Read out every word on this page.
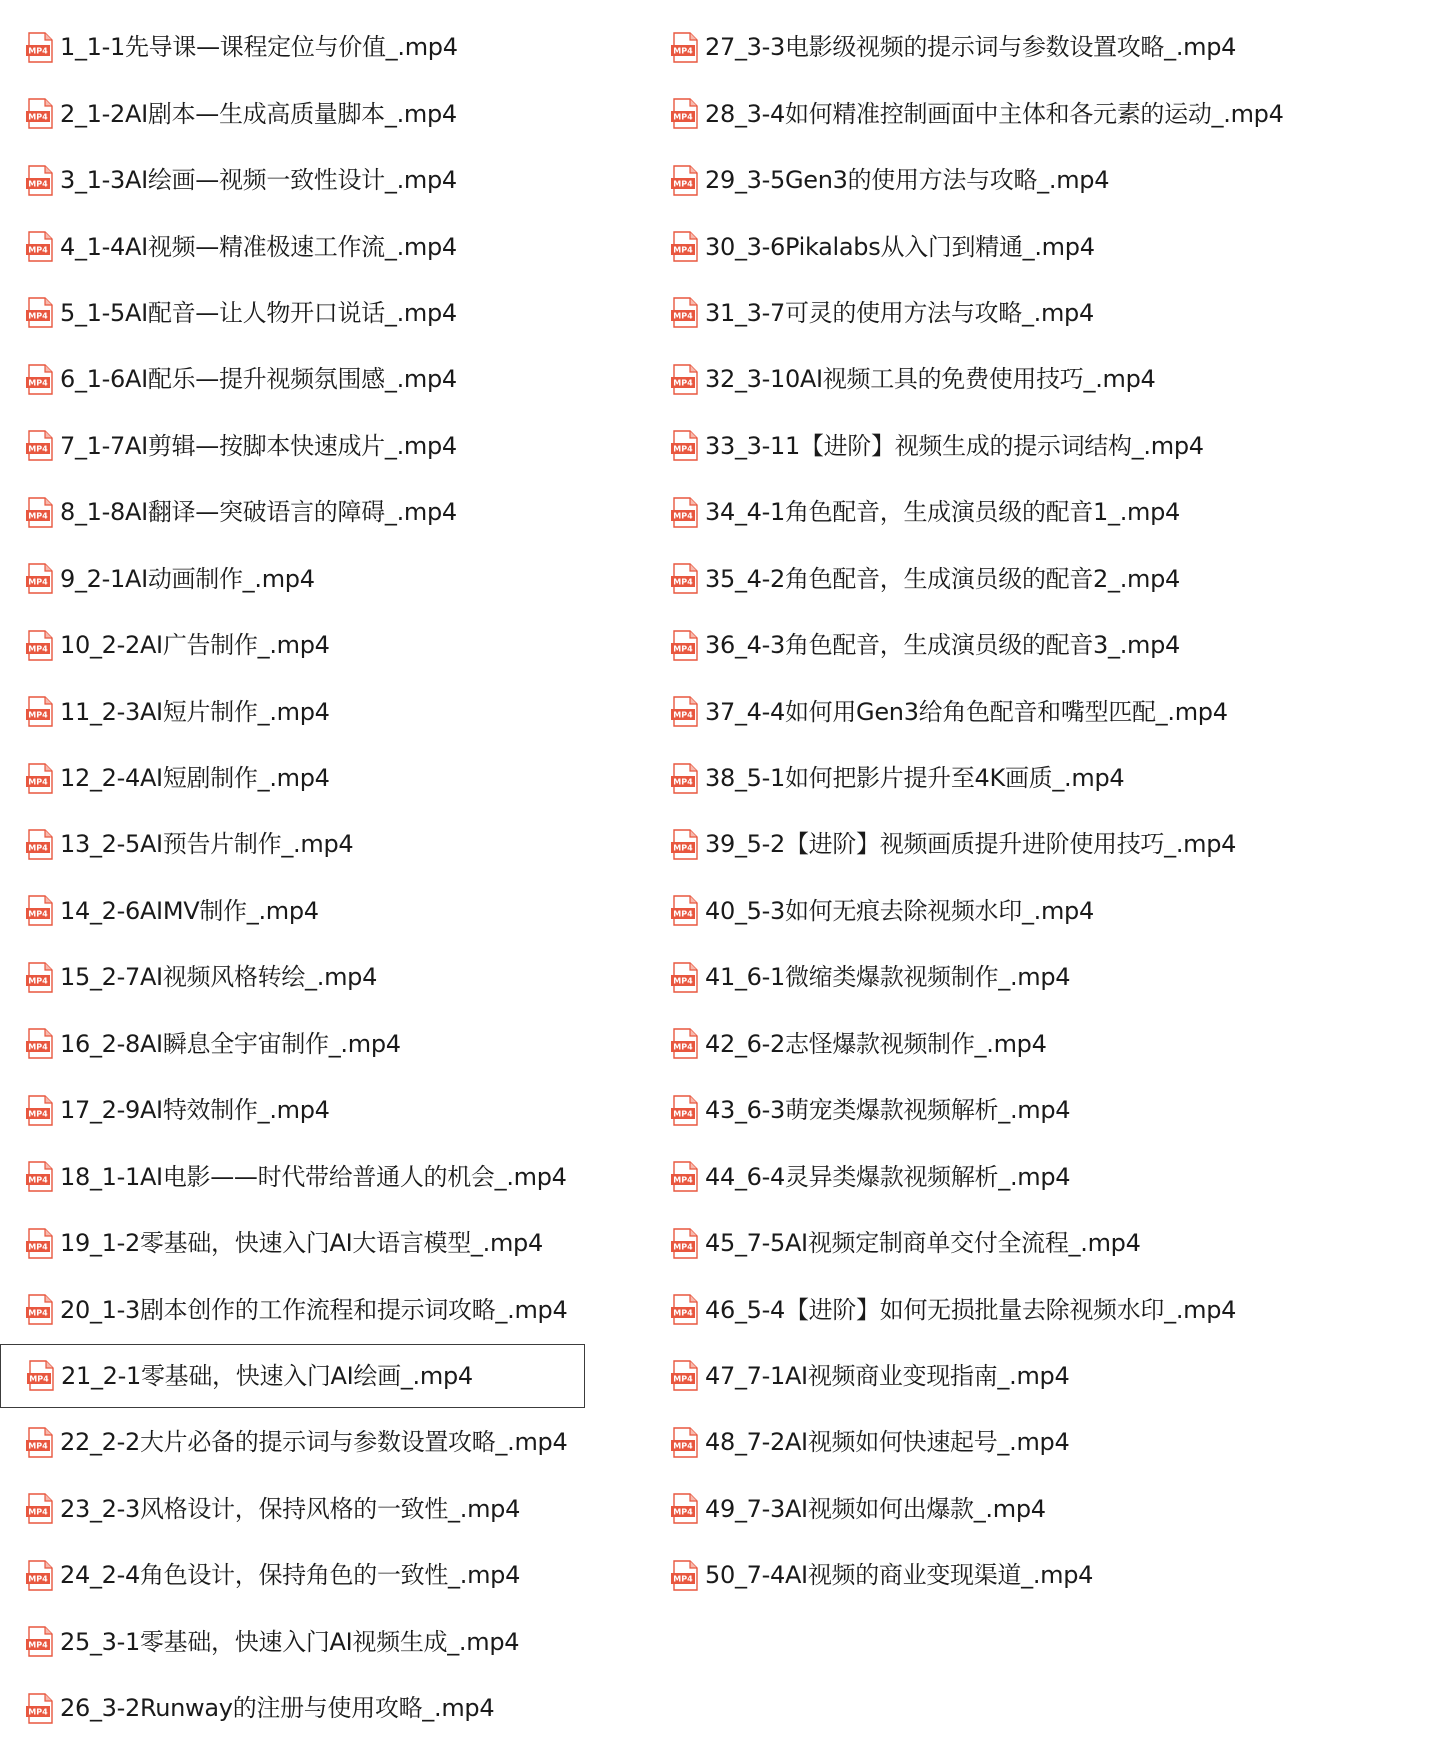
MP4 1_1-1先导课—课程定位与价值_.mp4
MP4 2_1-2AI剧本—生成高质量脚本_.mp4
MP4 3_1-3AI绘画—视频一致性设计_.mp4
MP4 4_1-4AI视频—精准极速工作流_.mp4
MP4 5_1-5AI配音—让人物开口说话_.mp4
MP4 6_1-6AI配乐—提升视频氛围感_.mp4
MP4 7_1-7AI剪辑—按脚本快速成片_.mp4
MP4 8_1-8AI翻译—突破语言的障碍_.mp4
MP4 9_2-1AI动画制作_.mp4
MP4 10_2-2AI广告制作_.mp4
MP4 11_2-3AI短片制作_.mp4
MP4 12_2-4AI短剧制作_.mp4
MP4 13_2-5AI预告片制作_.mp4
MP4 14_2-6AIMV制作_.mp4
MP4 15_2-7AI视频风格转绘_.mp4
MP4 16_2-8AI瞬息全宇宙制作_.mp4
MP4 17_2-9AI特效制作_.mp4
MP4 18_1-1AI电影——时代带给普通人的机会_.mp4
MP4 19_1-2零基础，快速入门AI大语言模型_.mp4
MP4 20_1-3剧本创作的工作流程和提示词攻略_.mp4
MP4 21_2-1零基础，快速入门AI绘画_.mp4
MP4 22_2-2大片必备的提示词与参数设置攻略_.mp4
MP4 23_2-3风格设计，保持风格的一致性_.mp4
MP4 24_2-4角色设计，保持角色的一致性_.mp4
MP4 25_3-1零基础，快速入门AI视频生成_.mp4
MP4 26_3-2Runway的注册与使用攻略_.mp4
MP4 27_3-3电影级视频的提示词与参数设置攻略_.mp4
MP4 28_3-4如何精准控制画面中主体和各元素的运动_.mp4
MP4 29_3-5Gen3的使用方法与攻略_.mp4
MP4 30_3-6Pikalabs从入门到精通_.mp4
MP4 31_3-7可灵的使用方法与攻略_.mp4
MP4 32_3-10AI视频工具的免费使用技巧_.mp4
MP4 33_3-11【进阶】视频生成的提示词结构_.mp4
MP4 34_4-1角色配音，生成演员级的配音1_.mp4
MP4 35_4-2角色配音，生成演员级的配音2_.mp4
MP4 36_4-3角色配音，生成演员级的配音3_.mp4
MP4 37_4-4如何用Gen3给角色配音和嘴型匹配_.mp4
MP4 38_5-1如何把影片提升至4K画质_.mp4
MP4 39_5-2【进阶】视频画质提升进阶使用技巧_.mp4
MP4 40_5-3如何无痕去除视频水印_.mp4
MP4 41_6-1微缩类爆款视频制作_.mp4
MP4 42_6-2志怪爆款视频制作_.mp4
MP4 43_6-3萌宠类爆款视频解析_.mp4
MP4 44_6-4灵异类爆款视频解析_.mp4
MP4 45_7-5AI视频定制商单交付全流程_.mp4
MP4 46_5-4【进阶】如何无损批量去除视频水印_.mp4
MP4 47_7-1AI视频商业变现指南_.mp4
MP4 48_7-2AI视频如何快速起号_.mp4
MP4 49_7-3AI视频如何出爆款_.mp4
MP4 50_7-4AI视频的商业变现渠道_.mp4
